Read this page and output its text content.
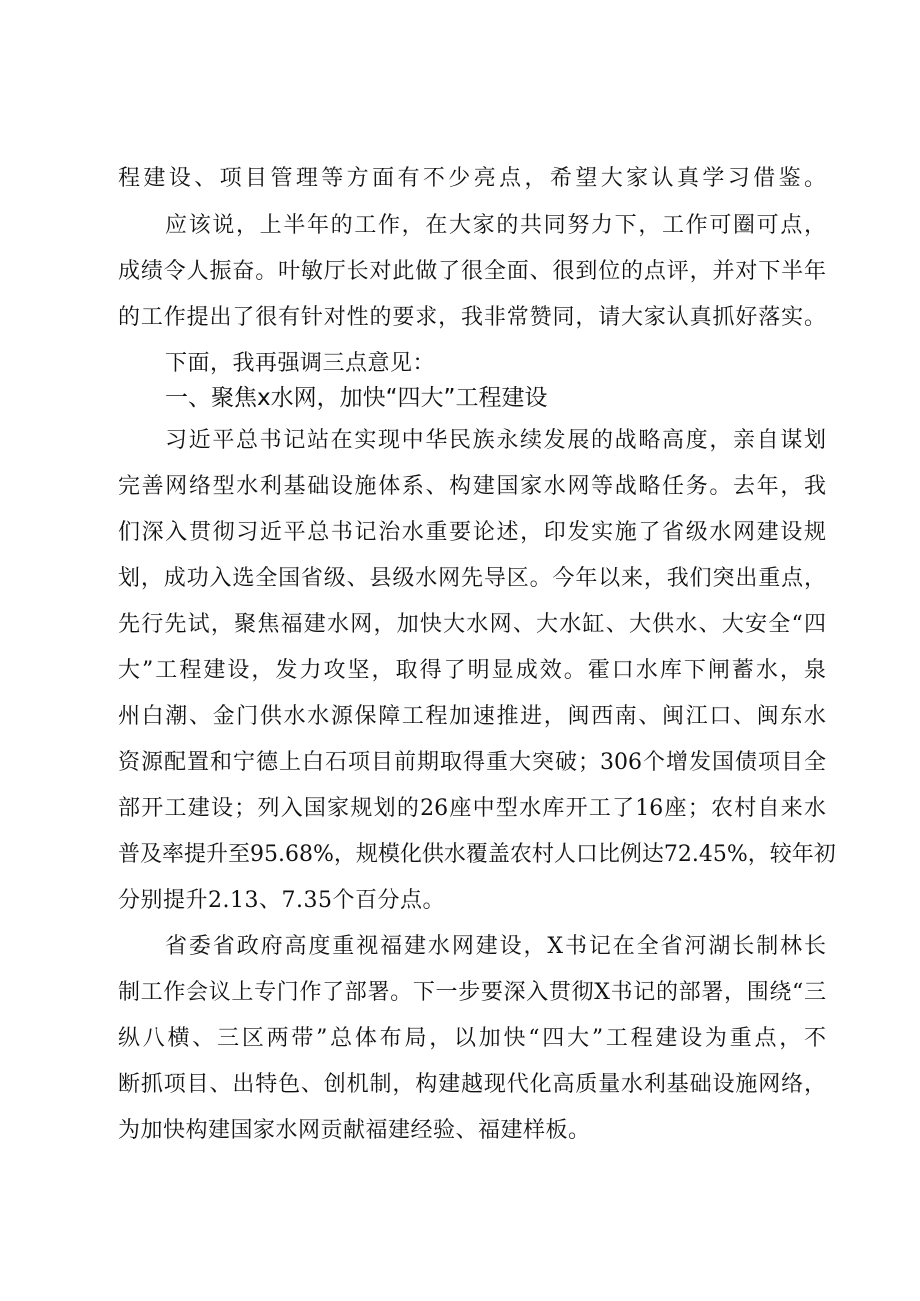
程建设、项目管理等方面有不少亮点，希望大家认真学习借鉴。
应该说，上半年的工作，在大家的共同努力下，工作可圈可点，
成绩令人振奋。叶敏厅长对此做了很全面、很到位的点评，并对下半年
的工作提出了很有针对性的要求，我非常赞同，请大家认真抓好落实。
下面，我再强调三点意见：
一、聚焦x水网，加快“四大”工程建设
习近平总书记站在实现中华民族永续发展的战略高度，亲自谋划
完善网络型水利基础设施体系、构建国家水网等战略任务。去年，我
们深入贯彻习近平总书记治水重要论述，印发实施了省级水网建设规
划，成功入选全国省级、县级水网先导区。今年以来，我们突出重点，
先行先试，聚焦福建水网，加快大水网、大水缸、大供水、大安全“四
大”工程建设，发力攻坚，取得了明显成效。霍口水库下闸蓄水，泉
州白潮、金门供水水源保障工程加速推进，闽西南、闽江口、闽东水
资源配置和宁德上白石项目前期取得重大突破；306个增发国债项目全
部开工建设；列入国家规划的26座中型水库开工了16座；农村自来水
普及率提升至95.68%，规模化供水覆盖农村人口比例达72.45%，较年初
分别提升2.13、7.35个百分点。
省委省政府高度重视福建水网建设，X书记在全省河湖长制林长
制工作会议上专门作了部署。下一步要深入贯彻X书记的部署，围绕“三
纵八横、三区两带”总体布局，以加快“四大”工程建设为重点，不
断抓项目、出特色、创机制，构建越现代化高质量水利基础设施网络，
为加快构建国家水网贡献福建经验、福建样板。
